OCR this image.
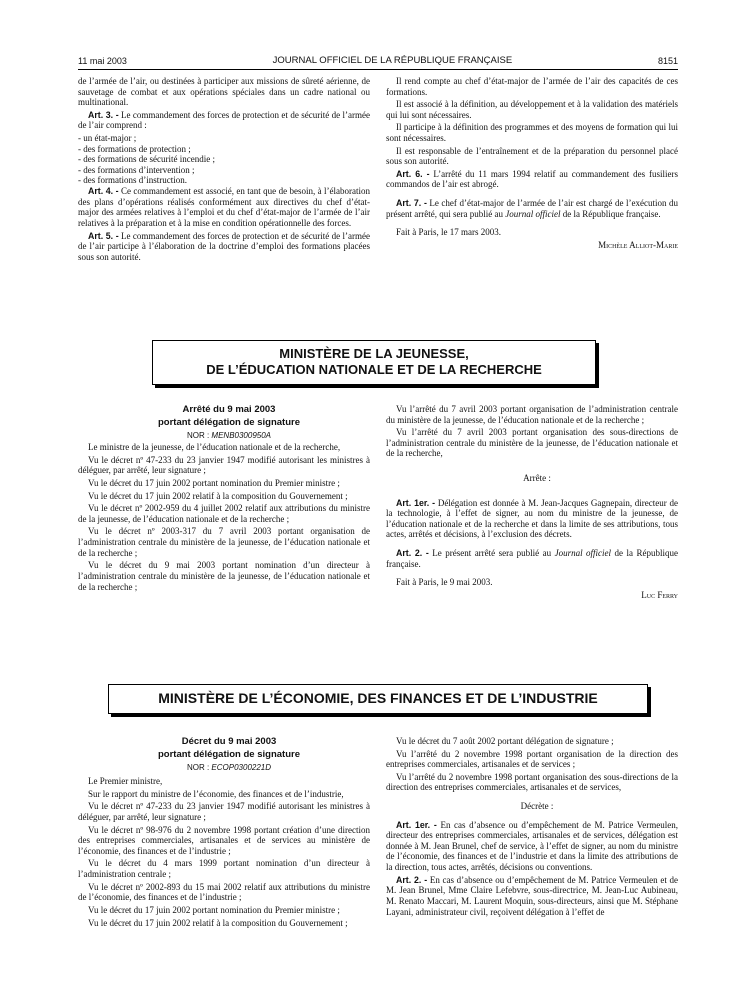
11 mai 2003	JOURNAL OFFICIEL DE LA RÉPUBLIQUE FRANÇAISE	8151

de l’armée de l’air, ou destinées à participer aux missions de sûreté aérienne, de sauvetage de combat et aux opérations spéciales dans un cadre national ou multinational.

Art. 3. - Le commandement des forces de protection et de sécurité de l’armée de l’air comprend :

- un état-major ;

- des formations de protection ;

- des formations de sécurité incendie ;

- des formations d’intervention ;

- des formations d’instruction.

Art. 4. - Ce commandement est associé, en tant que de besoin, à l’élaboration des plans d’opérations réalisés conformément aux directives du chef d’état-major des armées relatives à l’emploi et du chef d’état-major de l’armée de l’air relatives à la préparation et à la mise en condition opérationnelle des forces.

Art. 5. - Le commandement des forces de protection et de sécurité de l’armée de l’air participe à l’élaboration de la doctrine d’emploi des formations placées sous son autorité.

Il rend compte au chef d’état-major de l’armée de l’air des capacités de ces formations.

Il est associé à la définition, au développement et à la validation des matériels qui lui sont nécessaires.

Il participe à la définition des programmes et des moyens de formation qui lui sont nécessaires.

Il est responsable de l’entraînement et de la préparation du personnel placé sous son autorité.

Art. 6. - L’arrêté du 11 mars 1994 relatif au commandement des fusiliers commandos de l’air est abrogé.

Art. 7. - Le chef d’état-major de l’armée de l’air est chargé de l’exécution du présent arrêté, qui sera publié au Journal officiel de la République française.

Fait à Paris, le 17 mars 2003.

Michèle Alliot-Marie

MINISTÈRE DE LA JEUNESSE,
DE L’ÉDUCATION NATIONALE ET DE LA RECHERCHE

Arrêté du 9 mai 2003

portant délégation de signature

NOR : MENB0300950A

Le ministre de la jeunesse, de l’éducation nationale et de la recherche,

Vu le décret nº 47-233 du 23 janvier 1947 modifié autorisant les ministres à déléguer, par arrêté, leur signature ;

Vu le décret du 17 juin 2002 portant nomination du Premier ministre ;

Vu le décret du 17 juin 2002 relatif à la composition du Gouvernement ;

Vu le décret nº 2002-959 du 4 juillet 2002 relatif aux attributions du ministre de la jeunesse, de l’éducation nationale et de la recherche ;

Vu le décret nº 2003-317 du 7 avril 2003 portant organisation de l’administration centrale du ministère de la jeunesse, de l’éducation nationale et de la recherche ;

Vu le décret du 9 mai 2003 portant nomination d’un directeur à l’administration centrale du ministère de la jeunesse, de l’éducation nationale et de la recherche ;

Vu l’arrêté du 7 avril 2003 portant organisation de l’administration centrale du ministère de la jeunesse, de l’éducation nationale et de la recherche ;

Vu l’arrêté du 7 avril 2003 portant organisation des sous-directions de l’administration centrale du ministère de la jeunesse, de l’éducation nationale et de la recherche,

Arrête :

Art. 1er. - Délégation est donnée à M. Jean-Jacques Gagnepain, directeur de la technologie, à l’effet de signer, au nom du ministre de la jeunesse, de l’éducation nationale et de la recherche et dans la limite de ses attributions, tous actes, arrêtés et décisions, à l’exclusion des décrets.

Art. 2. - Le présent arrêté sera publié au Journal officiel de la République française.

Fait à Paris, le 9 mai 2003.

Luc Ferry

MINISTÈRE DE L’ÉCONOMIE, DES FINANCES ET DE L’INDUSTRIE

Décret du 9 mai 2003

portant délégation de signature

NOR : ECOP0300221D

Le Premier ministre,

Sur le rapport du ministre de l’économie, des finances et de l’industrie,

Vu le décret nº 47-233 du 23 janvier 1947 modifié autorisant les ministres à déléguer, par arrêté, leur signature ;

Vu le décret nº 98-976 du 2 novembre 1998 portant création d’une direction des entreprises commerciales, artisanales et de services au ministère de l’économie, des finances et de l’industrie ;

Vu le décret du 4 mars 1999 portant nomination d’un directeur à l’administration centrale ;

Vu le décret nº 2002-893 du 15 mai 2002 relatif aux attributions du ministre de l’économie, des finances et de l’industrie ;

Vu le décret du 17 juin 2002 portant nomination du Premier ministre ;

Vu le décret du 17 juin 2002 relatif à la composition du Gouvernement ;

Vu le décret du 7 août 2002 portant délégation de signature ;

Vu l’arrêté du 2 novembre 1998 portant organisation de la direction des entreprises commerciales, artisanales et de services ;

Vu l’arrêté du 2 novembre 1998 portant organisation des sous-directions de la direction des entreprises commerciales, artisanales et de services,

Décrète :

Art. 1er. - En cas d’absence ou d’empêchement de M. Patrice Vermeulen, directeur des entreprises commerciales, artisanales et de services, délégation est donnée à M. Jean Brunel, chef de service, à l’effet de signer, au nom du ministre de l’économie, des finances et de l’industrie et dans la limite des attributions de la direction, tous actes, arrêtés, décisions ou conventions.

Art. 2. - En cas d’absence ou d’empêchement de M. Patrice Vermeulen et de M. Jean Brunel, Mme Claire Lefebvre, sous-directrice, M. Jean-Luc Aubineau, M. Renato Maccari, M. Laurent Moquin, sous-directeurs, ainsi que M. Stéphane Layani, administrateur civil, reçoivent délégation à l’effet de
